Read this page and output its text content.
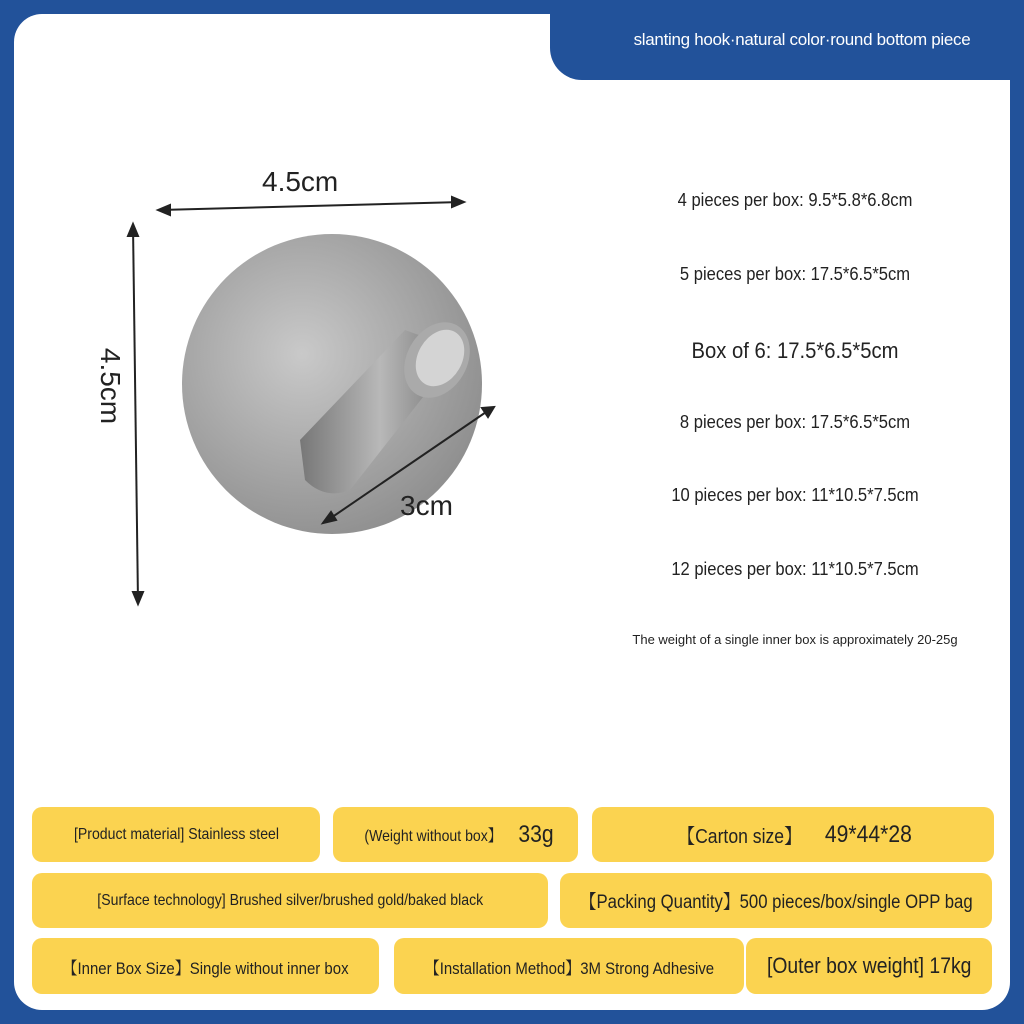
slanting hook·natural color·round bottom piece
4.5cm
4.5cm
3cm
4 pieces per box: 9.5*5.8*6.8cm
5 pieces per box: 17.5*6.5*5cm
Box of 6: 17.5*6.5*5cm
8 pieces per box: 17.5*6.5*5cm
10 pieces per box: 11*10.5*7.5cm
12 pieces per box: 11*10.5*7.5cm
The weight of a single inner box is approximately 20-25g
[Product material] Stainless steel	(Weight without box】
33g	【Carton size】
49*44*28
[Surface technology] Brushed silver/brushed gold/baked black	【Packing Quantity】500 pieces/box/single OPP bag
【Inner Box Size】Single without inner box	【Installation Method】3M Strong Adhesive [Outer box weight] 17kg
